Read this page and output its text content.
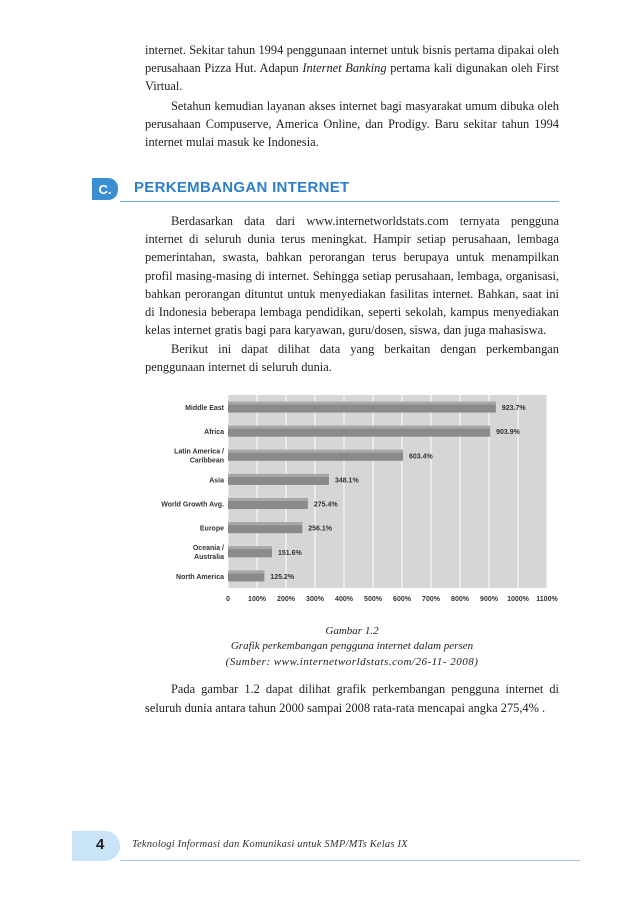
internet. Sekitar tahun 1994 penggunaan internet untuk bisnis pertama dipakai oleh perusahaan Pizza Hut. Adapun Internet Banking pertama kali digunakan oleh First Virtual.

Setahun kemudian layanan akses internet bagi masyarakat umum dibuka oleh perusahaan Compuserve, America Online, dan Prodigy. Baru sekitar tahun 1994 internet mulai masuk ke Indonesia.

C.	PERKEMBANGAN INTERNET

Berdasarkan data dari www.internetworldstats.com ternyata pengguna internet di seluruh dunia terus meningkat. Hampir setiap perusahaan, lembaga pemerintahan, swasta, bahkan perorangan terus berupaya untuk menampilkan profil masing-masing di internet. Sehingga setiap perusahaan, lembaga, organisasi, bahkan perorangan dituntut untuk menyediakan fasilitas internet. Bahkan, saat ini di Indonesia beberapa lembaga pendidikan, seperti sekolah, kampus menyediakan kelas internet gratis bagi para karyawan, guru/dosen, siswa, dan juga mahasiswa.

Berikut ini dapat dilihat data yang berkaitan dengan perkembangan penggunaan internet di seluruh dunia.

0	100% 200% 300% 400% 500% 600% 700% 800% 900% 1000% 1100%
Middle East	923.7%
Africa	903.9%
Latin America / Caribbean
603.4%
Asia	348.1%
World Growth Avg.	275.4%
Europe	256.1%
Oceania / Australia
151.6%
North America	125.2%
Gambar 1.2
Grafik perkembangan pengguna internet dalam persen
(Sumber: www.internetworldstats.com/26-11- 2008)

Pada gambar 1.2 dapat dilihat grafik perkembangan pengguna internet di seluruh dunia antara tahun 2000 sampai 2008 rata-rata mencapai angka 275,4% .

4	Teknologi Informasi dan Komunikasi untuk SMP/MTs Kelas IX
